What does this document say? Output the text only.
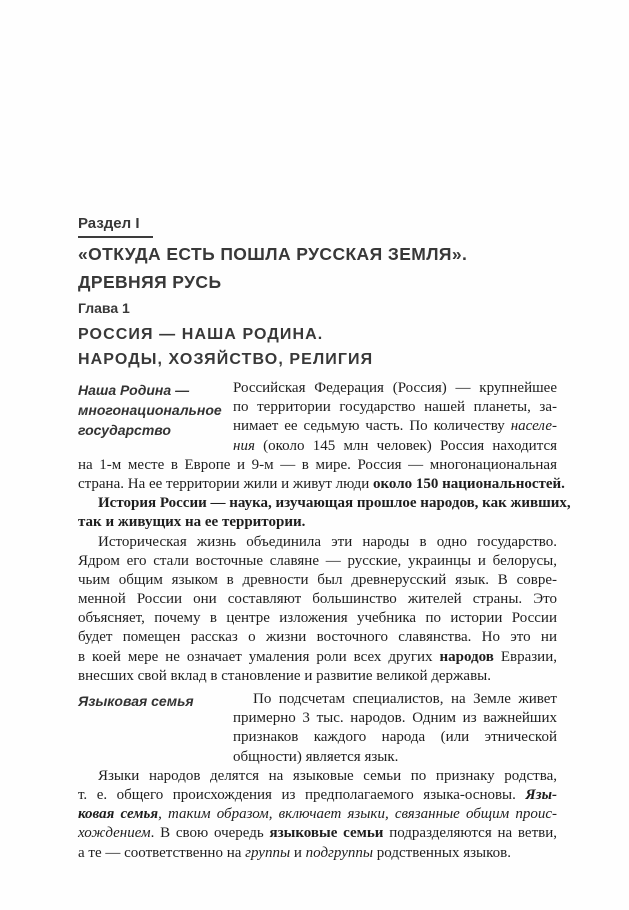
Раздел I
«ОТКУДА ЕСТЬ ПОШЛА РУССКАЯ ЗЕМЛЯ».
ДРЕВНЯЯ РУСЬ
Глава 1
РОССИЯ — НАША РОДИНА.
НАРОДЫ, ХОЗЯЙСТВО, РЕЛИГИЯ
Наша Родина —
многонациональное
государство
Российская Федерация (Россия) — крупнейшее
по территории государство нашей планеты, за-
нимает ее седьмую часть. По количеству населе-
ния (около 145 млн человек) Россия находится
на 1-м месте в Европе и 9-м — в мире. Россия — многонациональная
страна. На ее территории жили и живут люди около 150 национальностей.
История России — наука, изучающая прошлое народов, как живших,
так и живущих на ее территории.
Историческая жизнь объединила эти народы в одно государство.
Ядром его стали восточные славяне — русские, украинцы и белорусы,
чьим общим языком в древности был древнерусский язык. В совре-
менной России они составляют большинство жителей страны. Это
объясняет, почему в центре изложения учебника по истории России
будет помещен рассказ о жизни восточного славянства. Но это ни
в коей мере не означает умаления роли всех других народов Евразии,
внесших свой вклад в становление и развитие великой державы.
Языковая семья	По подсчетам специалистов, на Земле живет
примерно 3 тыс. народов. Одним из важнейших
признаков каждого народа (или этнической
общности) является язык.
Языки народов делятся на языковые семьи по признаку родства,
т. е. общего происхождения из предполагаемого языка-основы. Язы-
ковая семья, таким образом, включает языки, связанные общим проис-
хождением. В свою очередь языковые семьи подразделяются на ветви,
а те — соответственно на группы и подгруппы родственных языков.
